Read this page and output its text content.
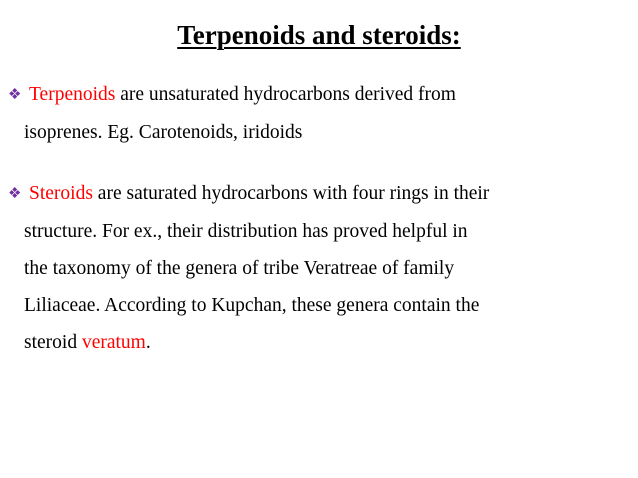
Terpenoids and steroids:
❖ Terpenoids are unsaturated hydrocarbons derived from
isoprenes. Eg. Carotenoids, iridoids
❖ Steroids are saturated hydrocarbons with four rings in their
structure. For ex., their distribution has proved helpful in
the taxonomy of the genera of tribe Veratreae of family
Liliaceae. According to Kupchan, these genera contain the
steroid veratum.
